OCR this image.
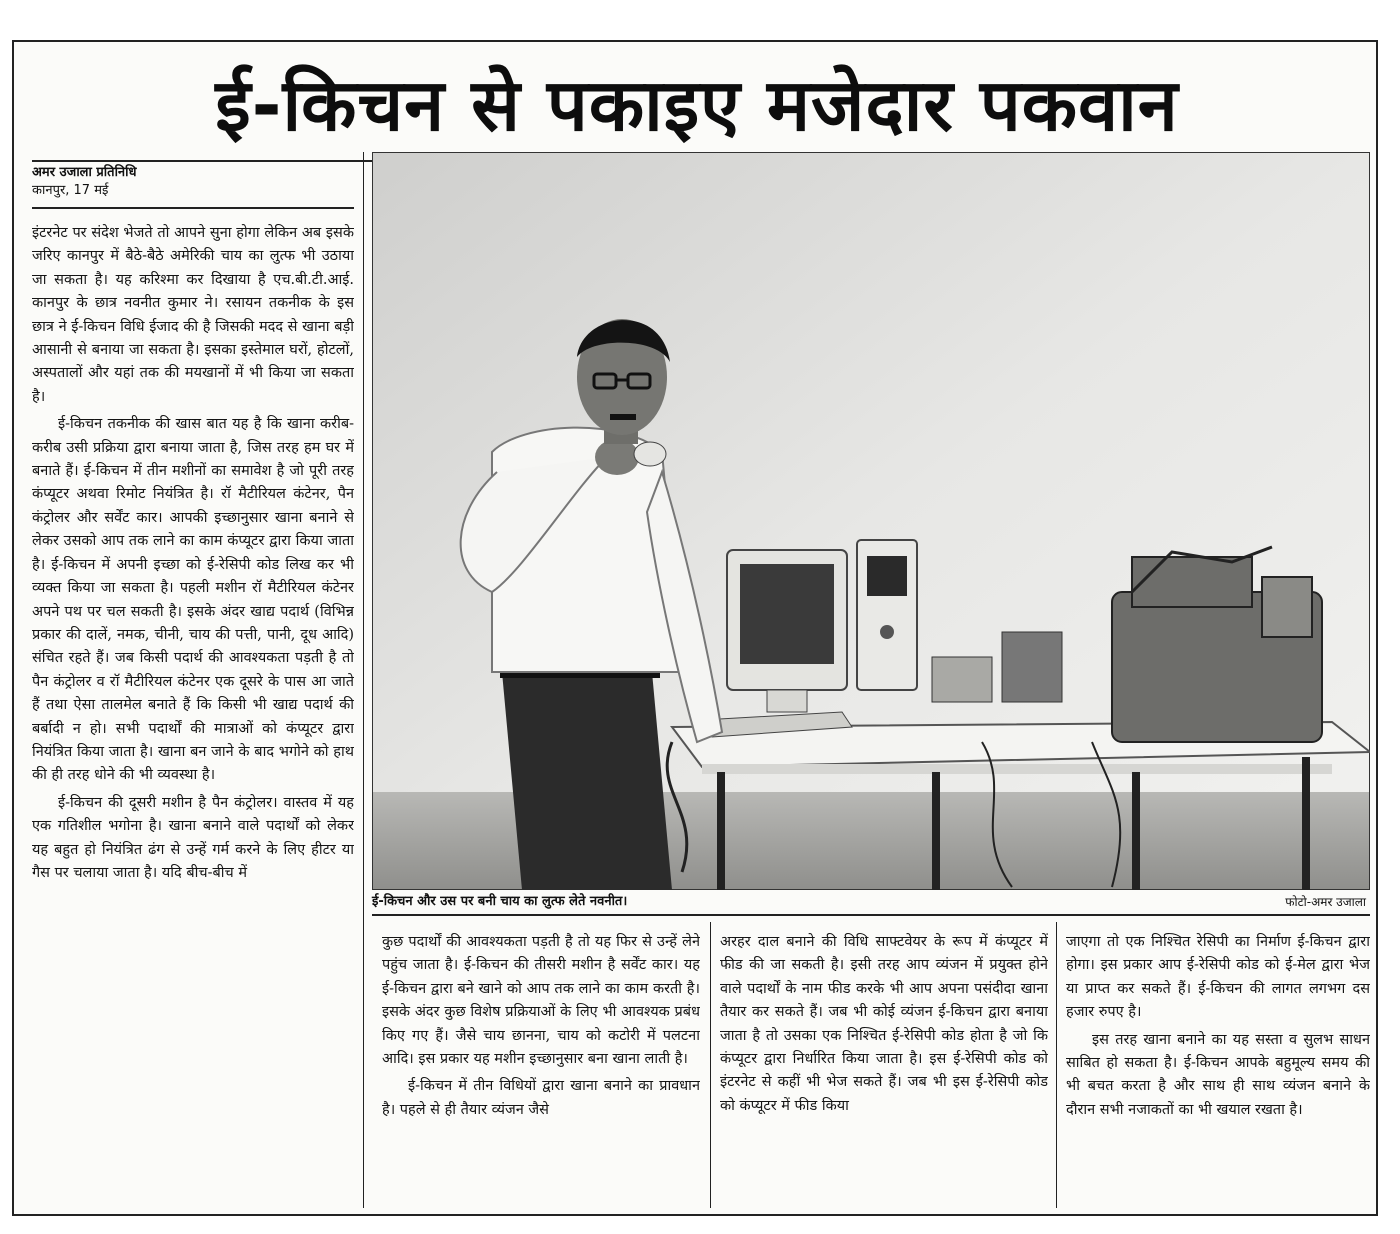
ई-किचन से पकाइए मजेदार पकवान
अमर उजाला प्रतिनिधि
कानपुर, 17 मई

इंटरनेट पर संदेश भेजते तो आपने सुना होगा लेकिन अब इसके जरिए कानपुर में बैठे-बैठे अमेरिकी चाय का लुत्फ भी उठाया जा सकता है। यह करिश्मा कर दिखाया है एच.बी.टी.आई. कानपुर के छात्र नवनीत कुमार ने। रसायन तकनीक के इस छात्र ने ई-किचन विधि ईजाद की है जिसकी मदद से खाना बड़ी आसानी से बनाया जा सकता है। इसका इस्तेमाल घरों, होटलों, अस्पतालों और यहां तक की मयखानों में भी किया जा सकता है।

ई-किचन तकनीक की खास बात यह है कि खाना करीब-करीब उसी प्रक्रिया द्वारा बनाया जाता है, जिस तरह हम घर में बनाते हैं। ई-किचन में तीन मशीनों का समावेश है जो पूरी तरह कंप्यूटर अथवा रिमोट नियंत्रित है। रॉ मैटीरियल कंटेनर, पैन कंट्रोलर और सर्वेंट कार। आपकी इच्छानुसार खाना बनाने से लेकर उसको आप तक लाने का काम कंप्यूटर द्वारा किया जाता है। ई-किचन में अपनी इच्छा को ई-रेसिपी कोड लिख कर भी व्यक्त किया जा सकता है। पहली मशीन रॉ मैटीरियल कंटेनर अपने पथ पर चल सकती है। इसके अंदर खाद्य पदार्थ (विभिन्न प्रकार की दालें, नमक, चीनी, चाय की पत्ती, पानी, दूध आदि) संचित रहते हैं। जब किसी पदार्थ की आवश्यकता पड़ती है तो पैन कंट्रोलर व रॉ मैटीरियल कंटेनर एक दूसरे के पास आ जाते हैं तथा ऐसा तालमेल बनाते हैं कि किसी भी खाद्य पदार्थ की बर्बादी न हो। सभी पदार्थों की मात्राओं को कंप्यूटर द्वारा नियंत्रित किया जाता है। खाना बन जाने के बाद भगोने को हाथ की ही तरह धोने की भी व्यवस्था है।

ई-किचन की दूसरी मशीन है पैन कंट्रोलर। वास्तव में यह एक गतिशील भगोना है। खाना बनाने वाले पदार्थों को लेकर यह बहुत हो नियंत्रित ढंग से उन्हें गर्म करने के लिए हीटर या गैस पर चलाया जाता है। यदि बीच-बीच में

ई-किचन और उस पर बनी चाय का लुत्फ लेते नवनीत।	फोटो-अमर उजाला

कुछ पदार्थों की आवश्यकता पड़ती है तो यह फिर से उन्हें लेने पहुंच जाता है। ई-किचन की तीसरी मशीन है सर्वेंट कार। यह ई-किचन द्वारा बने खाने को आप तक लाने का काम करती है। इसके अंदर कुछ विशेष प्रक्रियाओं के लिए भी आवश्यक प्रबंध किए गए हैं। जैसे चाय छानना, चाय को कटोरी में पलटना आदि। इस प्रकार यह मशीन इच्छानुसार बना खाना लाती है।

ई-किचन में तीन विधियों द्वारा खाना बनाने का प्रावधान है। पहले से ही तैयार व्यंजन जैसे

अरहर दाल बनाने की विधि साफ्टवेयर के रूप में कंप्यूटर में फीड की जा सकती है। इसी तरह आप व्यंजन में प्रयुक्त होने वाले पदार्थों के नाम फीड करके भी आप अपना पसंदीदा खाना तैयार कर सकते हैं। जब भी कोई व्यंजन ई-किचन द्वारा बनाया जाता है तो उसका एक निश्चित ई-रेसिपी कोड होता है जो कि कंप्यूटर द्वारा निर्धारित किया जाता है। इस ई-रेसिपी कोड को इंटरनेट से कहीं भी भेज सकते हैं। जब भी इस ई-रेसिपी कोड को कंप्यूटर में फीड किया

जाएगा तो एक निश्चित रेसिपी का निर्माण ई-किचन द्वारा होगा। इस प्रकार आप ई-रेसिपी कोड को ई-मेल द्वारा भेज या प्राप्त कर सकते हैं। ई-किचन की लागत लगभग दस हजार रुपए है।

इस तरह खाना बनाने का यह सस्ता व सुलभ साधन साबित हो सकता है। ई-किचन आपके बहुमूल्य समय की भी बचत करता है और साथ ही साथ व्यंजन बनाने के दौरान सभी नजाकतों का भी खयाल रखता है।
